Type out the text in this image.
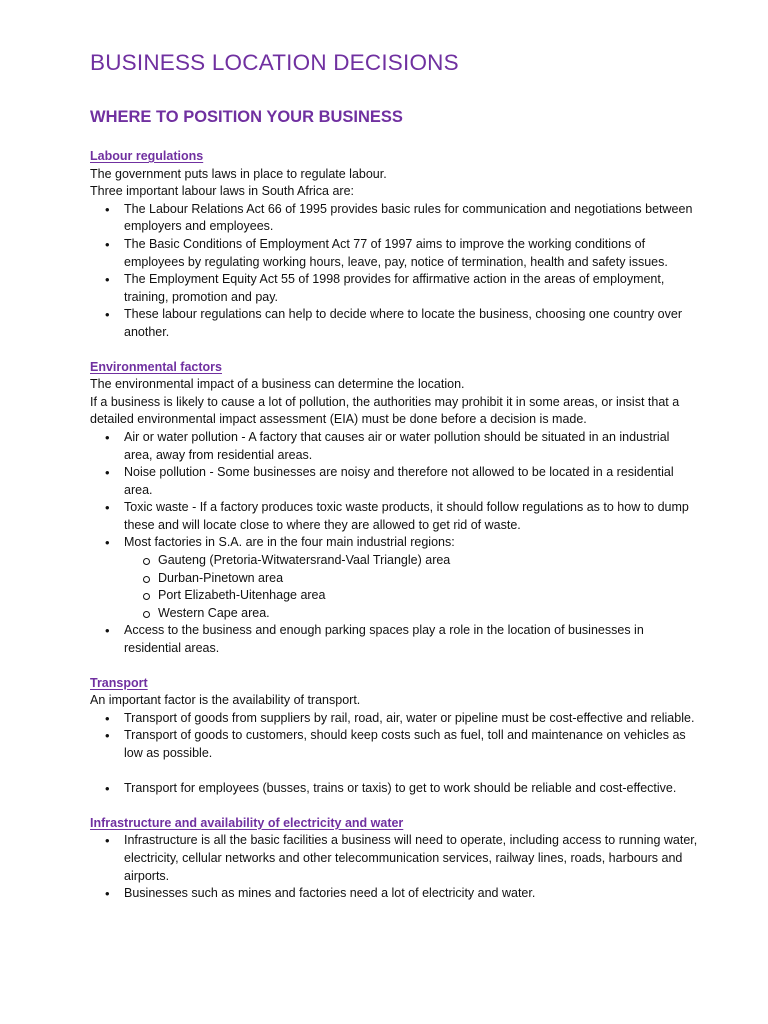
BUSINESS LOCATION DECISIONS
WHERE TO POSITION YOUR BUSINESS
Labour regulations

The government puts laws in place to regulate labour.

Three important labour laws in South Africa are:

• The Labour Relations Act 66 of 1995 provides basic rules for communication and negotiations between employers and employees.
• The Basic Conditions of Employment Act 77 of 1997 aims to improve the working conditions of employees by regulating working hours, leave, pay, notice of termination, health and safety issues.
• The Employment Equity Act 55 of 1998 provides for affirmative action in the areas of employment, training, promotion and pay.
• These labour regulations can help to decide where to locate the business, choosing one country over another.
Environmental factors

The environmental impact of a business can determine the location.

If a business is likely to cause a lot of pollution, the authorities may prohibit it in some areas, or insist that a detailed environmental impact assessment (EIA) must be done before a decision is made.

• Air or water pollution - A factory that causes air or water pollution should be situated in an industrial area, away from residential areas.
• Noise pollution - Some businesses are noisy and therefore not allowed to be located in a residential area.
• Toxic waste - If a factory produces toxic waste products, it should follow regulations as to how to dump these and will locate close to where they are allowed to get rid of waste.
• Most factories in S.A. are in the four main industrial regions:
Gauteng (Pretoria-Witwatersrand-Vaal Triangle) area
Durban-Pinetown area
Port Elizabeth-Uitenhage area
Western Cape area.
• Access to the business and enough parking spaces play a role in the location of businesses in residential areas.
Transport

An important factor is the availability of transport.

• Transport of goods from suppliers by rail, road, air, water or pipeline must be cost-effective and reliable.
• Transport of goods to customers, should keep costs such as fuel, toll and maintenance on vehicles as low as possible.
• Transport for employees (busses, trains or taxis) to get to work should be reliable and cost-effective.
Infrastructure and availability of electricity and water
• Infrastructure is all the basic facilities a business will need to operate, including access to running water, electricity, cellular networks and other telecommunication services, railway lines, roads, harbours and airports.
• Businesses such as mines and factories need a lot of electricity and water.
